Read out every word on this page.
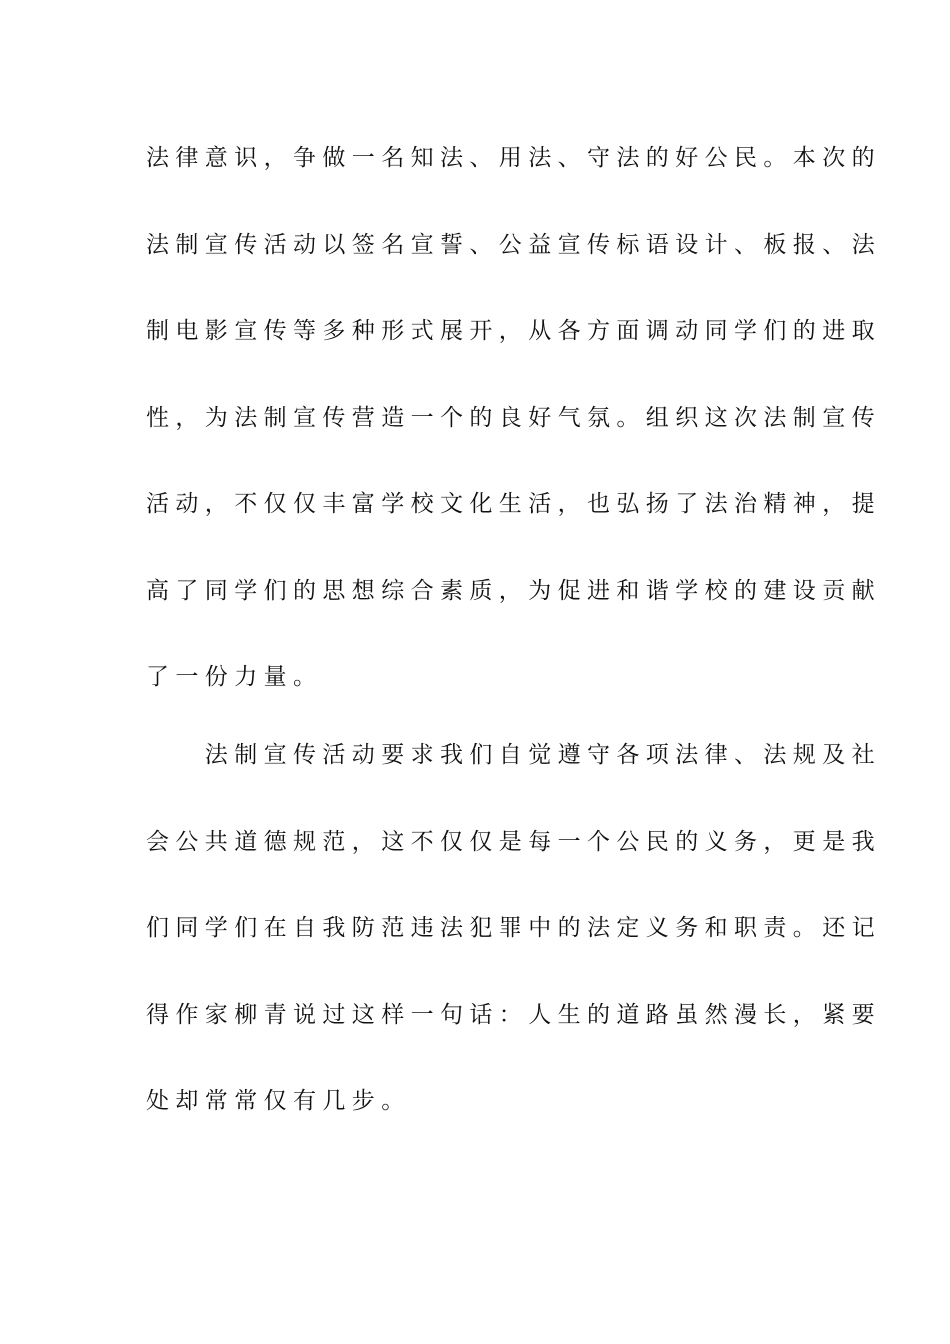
法律意识，争做一名知法、用法、守法的好公民。本次的
法制宣传活动以签名宣誓、公益宣传标语设计、板报、法
制电影宣传等多种形式展开，从各方面调动同学们的进取
性，为法制宣传营造一个的良好气氛。组织这次法制宣传
活动，不仅仅丰富学校文化生活，也弘扬了法治精神，提
高了同学们的思想综合素质，为促进和谐学校的建设贡献
了一份力量。
　　法制宣传活动要求我们自觉遵守各项法律、法规及社
会公共道德规范，这不仅仅是每一个公民的义务，更是我
们同学们在自我防范违法犯罪中的法定义务和职责。还记
得作家柳青说过这样一句话：人生的道路虽然漫长，紧要
处却常常仅有几步。
